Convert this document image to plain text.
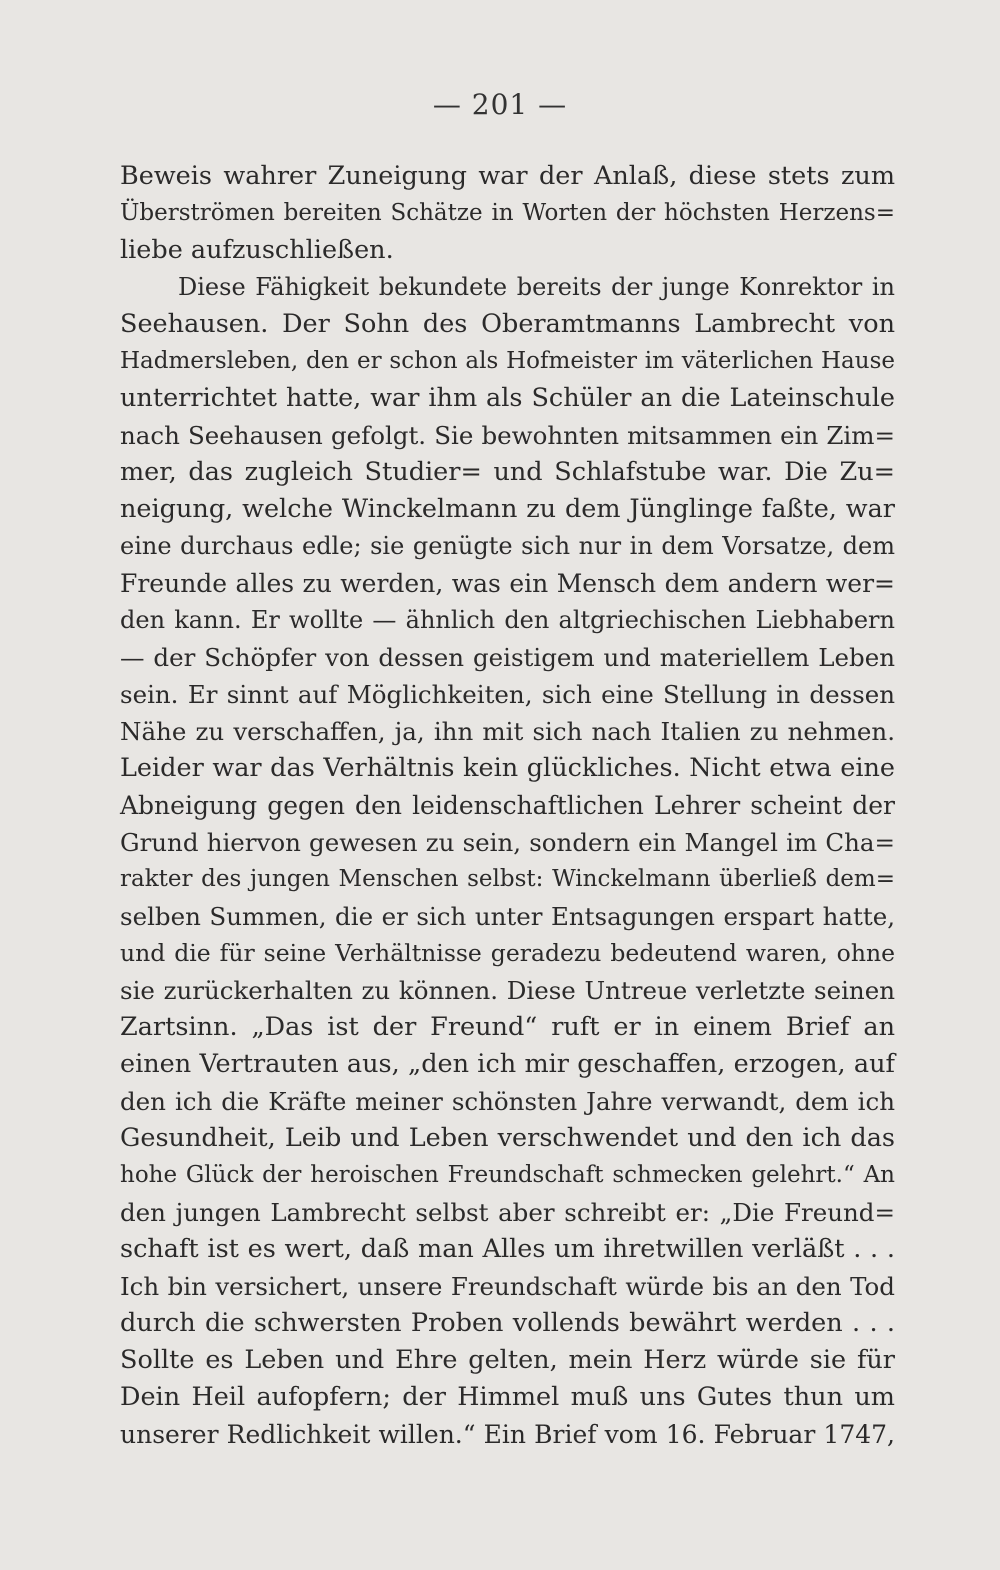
— 201 —
Beweis wahrer Zuneigung war der Anlaß, diese stets zum
Überströmen bereiten Schätze in Worten der höchsten Herzens=
liebe aufzuschließen.
Diese Fähigkeit bekundete bereits der junge Konrektor in
Seehausen. Der Sohn des Oberamtmanns Lambrecht von
Hadmersleben, den er schon als Hofmeister im väterlichen Hause
unterrichtet hatte, war ihm als Schüler an die Lateinschule
nach Seehausen gefolgt. Sie bewohnten mitsammen ein Zim=
mer, das zugleich Studier= und Schlafstube war. Die Zu=
neigung, welche Winckelmann zu dem Jünglinge faßte, war
eine durchaus edle; sie genügte sich nur in dem Vorsatze, dem
Freunde alles zu werden, was ein Mensch dem andern wer=
den kann. Er wollte — ähnlich den altgriechischen Liebhabern
— der Schöpfer von dessen geistigem und materiellem Leben
sein. Er sinnt auf Möglichkeiten, sich eine Stellung in dessen
Nähe zu verschaffen, ja, ihn mit sich nach Italien zu nehmen.
Leider war das Verhältnis kein glückliches. Nicht etwa eine
Abneigung gegen den leidenschaftlichen Lehrer scheint der
Grund hiervon gewesen zu sein, sondern ein Mangel im Cha=
rakter des jungen Menschen selbst: Winckelmann überließ dem=
selben Summen, die er sich unter Entsagungen erspart hatte,
und die für seine Verhältnisse geradezu bedeutend waren, ohne
sie zurückerhalten zu können. Diese Untreue verletzte seinen
Zartsinn. „Das ist der Freund“ ruft er in einem Brief an
einen Vertrauten aus, „den ich mir geschaffen, erzogen, auf
den ich die Kräfte meiner schönsten Jahre verwandt, dem ich
Gesundheit, Leib und Leben verschwendet und den ich das
hohe Glück der heroischen Freundschaft schmecken gelehrt.“ An
den jungen Lambrecht selbst aber schreibt er: „Die Freund=
schaft ist es wert, daß man Alles um ihretwillen verläßt . . .
Ich bin versichert, unsere Freundschaft würde bis an den Tod
durch die schwersten Proben vollends bewährt werden . . .
Sollte es Leben und Ehre gelten, mein Herz würde sie für
Dein Heil aufopfern; der Himmel muß uns Gutes thun um
unserer Redlichkeit willen.“ Ein Brief vom 16. Februar 1747,
